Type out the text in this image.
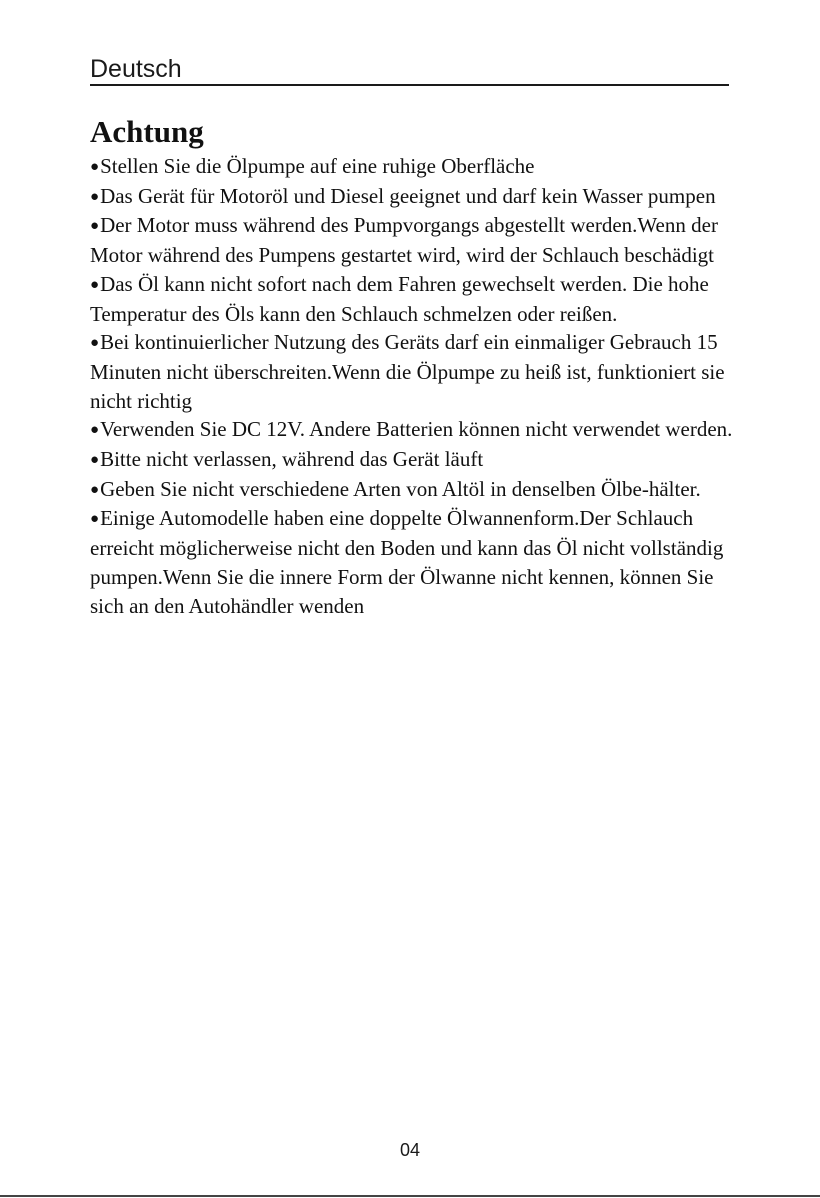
Deutsch
Achtung
●Stellen Sie die Ölpumpe auf eine ruhige Oberfläche
●Das Gerät für Motoröl und Diesel geeignet und darf kein Wasser pumpen
●Der Motor muss während des Pumpvorgangs abgestellt werden.Wenn der Motor während des Pumpens gestartet wird, wird der Schlauch beschädigt
●Das Öl kann nicht sofort nach dem Fahren gewechselt werden. Die hohe Temperatur des Öls kann den Schlauch schmelzen oder reißen.
●Bei kontinuierlicher Nutzung des Geräts darf ein einmaliger Gebrauch 15 Minuten nicht überschreiten.Wenn die Ölpumpe zu heiß ist, funktioniert sie nicht richtig
●Verwenden Sie DC 12V. Andere Batterien können nicht verwendet werden.
●Bitte nicht verlassen, während das Gerät läuft
●Geben Sie nicht verschiedene Arten von Altöl in denselben Ölbe-hälter.
●Einige Automodelle haben eine doppelte Ölwannenform.Der Schlauch erreicht möglicherweise nicht den Boden und kann das Öl nicht vollständig pumpen.Wenn Sie die innere Form der Ölwanne nicht kennen, können Sie sich an den Autohändler wenden
04
